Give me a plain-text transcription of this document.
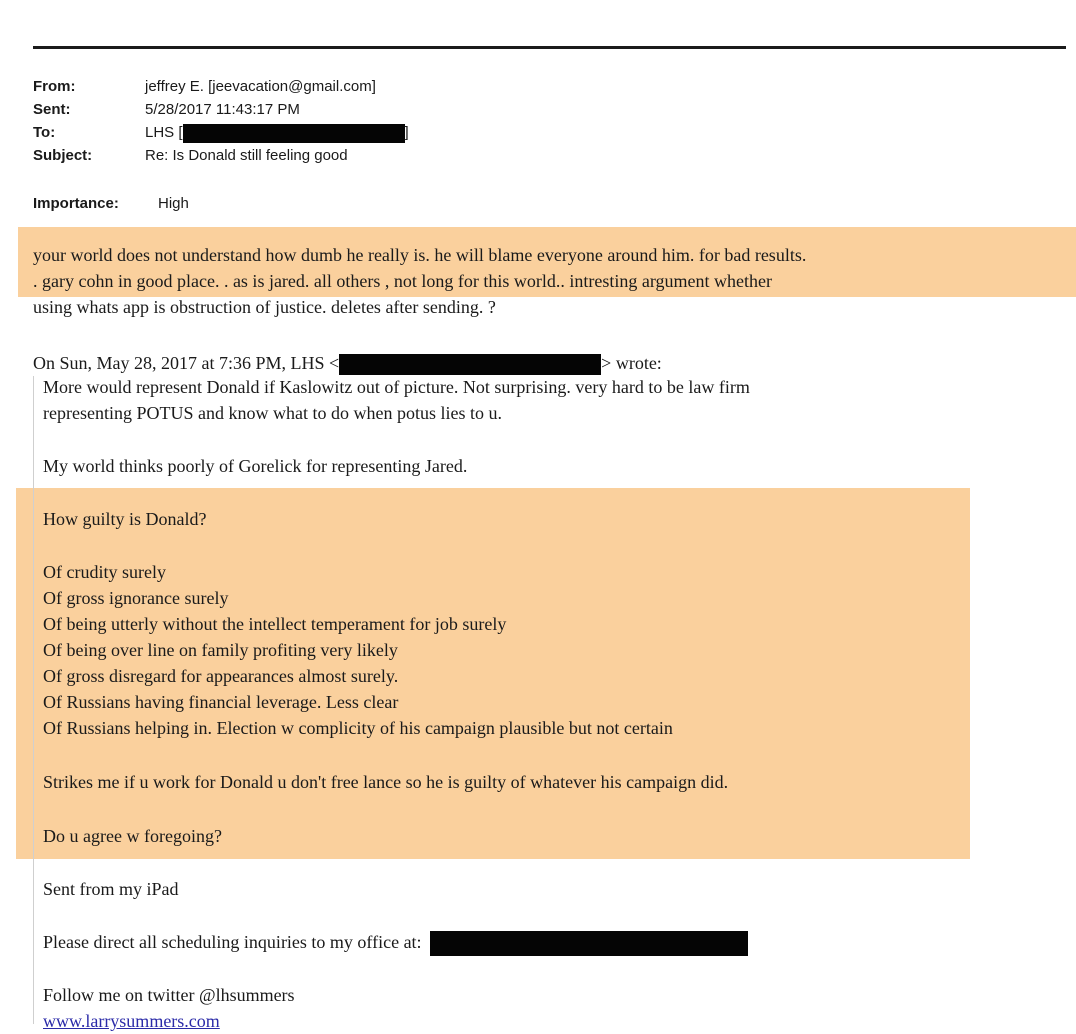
From:	jeffrey E. [jeevacation@gmail.com]
Sent:	5/28/2017 11:43:17 PM
To:	LHS [	]
Subject:	Re: Is Donald still feeling good
Importance:	High
your world does not understand how dumb he really is. he will blame everyone around him. for bad results.
. gary cohn in good place. . as is jared. all others , not long for this world.. intresting argument whether
using whats app is obstruction of justice. deletes after sending. ?
On Sun, May 28, 2017 at 7:36 PM, LHS <	> wrote:
More would represent Donald if Kaslowitz out of picture. Not surprising. very hard to be law firm
representing POTUS and know what to do when potus lies to u.
My world thinks poorly of Gorelick for representing Jared.
How guilty is Donald?
Of crudity surely
Of gross ignorance surely
Of being utterly without the intellect temperament for job surely
Of being over line on family profiting very likely
Of gross disregard for appearances almost surely.
Of Russians having financial leverage. Less clear
Of Russians helping in. Election w complicity of his campaign plausible but not certain
Strikes me if u work for Donald u don't free lance so he is guilty of whatever his campaign did.
Do u agree w foregoing?
Sent from my iPad
Please direct all scheduling inquiries to my office at:
Follow me on twitter @lhsummers
www.larrysummers.com
